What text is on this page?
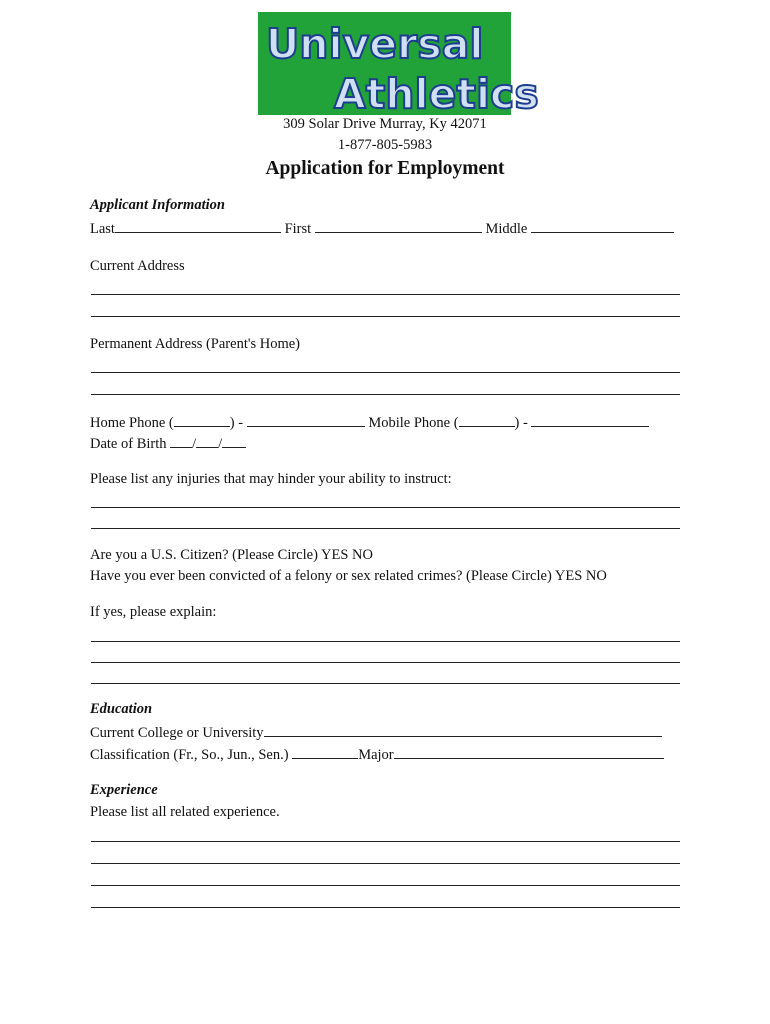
Universal
Athletics
309 Solar Drive Murray, Ky 42071
1-877-805-5983
Application for Employment
Applicant Information
Last	First	Middle
Current Address
Permanent Address (Parent's Home)
Home Phone (	) -	Mobile Phone (	) -
Date of Birth / /
Please list any injuries that may hinder your ability to instruct:
Are you a U.S. Citizen? (Please Circle) YES NO
Have you ever been convicted of a felony or sex related crimes? (Please Circle) YES NO
If yes, please explain:
Education
Current College or University
Classification (Fr., So., Jun., Sen.)	Major
Experience
Please list all related experience.
